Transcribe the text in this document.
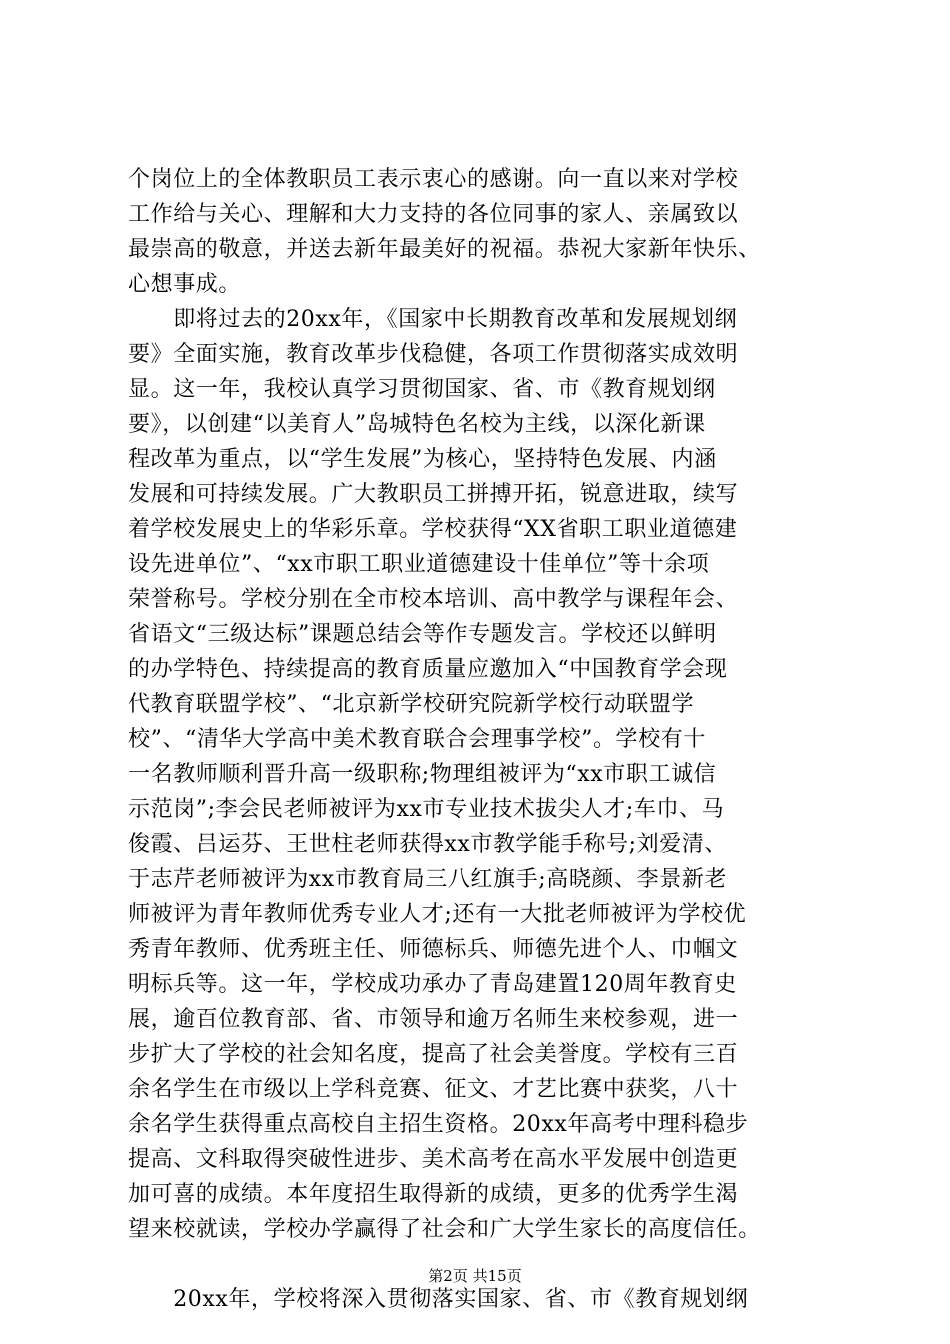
个岗位上的全体教职员工表示衷心的感谢。向一直以来对学校
工作给与关心、理解和大力支持的各位同事的家人、亲属致以
最崇高的敬意，并送去新年最美好的祝福。恭祝大家新年快乐、
心想事成。
　　即将过去的20xx年，《国家中长期教育改革和发展规划纲
要》全面实施，教育改革步伐稳健，各项工作贯彻落实成效明
显。这一年，我校认真学习贯彻国家、省、市《教育规划纲
要》，以创建“以美育人”岛城特色名校为主线，以深化新课
程改革为重点，以“学生发展”为核心，坚持特色发展、内涵
发展和可持续发展。广大教职员工拼搏开拓，锐意进取，续写
着学校发展史上的华彩乐章。学校获得“XX省职工职业道德建
设先进单位”、“xx市职工职业道德建设十佳单位”等十余项
荣誉称号。学校分别在全市校本培训、高中教学与课程年会、
省语文“三级达标”课题总结会等作专题发言。学校还以鲜明
的办学特色、持续提高的教育质量应邀加入“中国教育学会现
代教育联盟学校”、“北京新学校研究院新学校行动联盟学
校”、“清华大学高中美术教育联合会理事学校”。学校有十
一名教师顺利晋升高一级职称;物理组被评为“xx市职工诚信
示范岗”;李会民老师被评为xx市专业技术拔尖人才;车巾、马
俊霞、吕运芬、王世柱老师获得xx市教学能手称号;刘爱清、
于志芹老师被评为xx市教育局三八红旗手;高晓颜、李景新老
师被评为青年教师优秀专业人才;还有一大批老师被评为学校优
秀青年教师、优秀班主任、师德标兵、师德先进个人、巾帼文
明标兵等。这一年，学校成功承办了青岛建置120周年教育史
展，逾百位教育部、省、市领导和逾万名师生来校参观，进一
步扩大了学校的社会知名度，提高了社会美誉度。学校有三百
余名学生在市级以上学科竞赛、征文、才艺比赛中获奖，八十
余名学生获得重点高校自主招生资格。20xx年高考中理科稳步
提高、文科取得突破性进步、美术高考在高水平发展中创造更
加可喜的成绩。本年度招生取得新的成绩，更多的优秀学生渴
望来校就读，学校办学赢得了社会和广大学生家长的高度信任。
　　20xx年，学校将深入贯彻落实国家、省、市《教育规划纲
第2页 共15页
